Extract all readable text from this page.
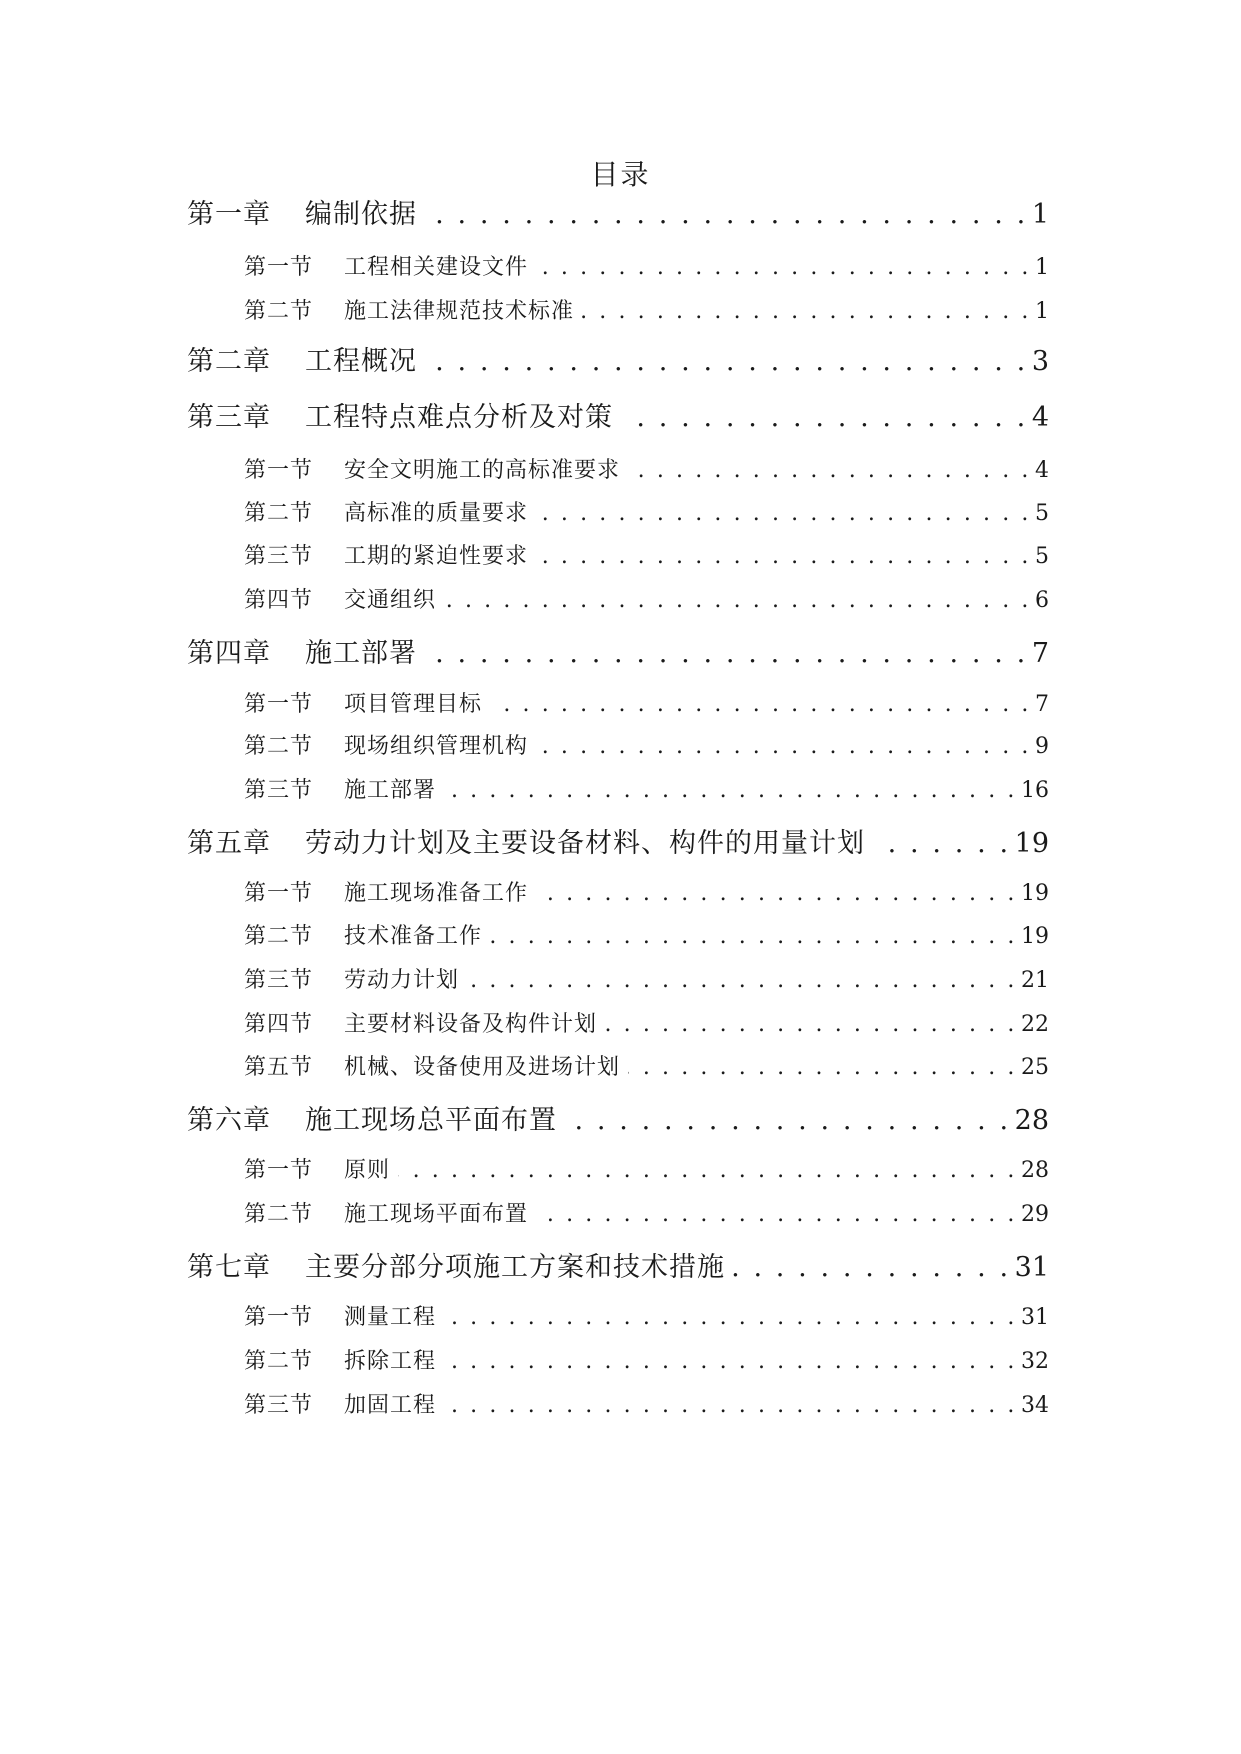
目录
第一章	编制依据 . . .	1
第一节	工程相关建设文件 . . .	1
第二节	施工法律规范技术标准 . . .	1
第二章	工程概况 . . .	3
第三章	工程特点难点分析及对策 . . .	4
第一节	安全文明施工的高标准要求 . . .	4
第二节	高标准的质量要求 . . .	5
第三节	工期的紧迫性要求 . . .	5
第四节	交通组织 . . .	6
第四章	施工部署 . . .	7
第一节	项目管理目标 . . .	7
第二节	现场组织管理机构 . . .	9
第三节	施工部署 . . .	16
第五章	劳动力计划及主要设备材料、构件的用量计划 . . .	19
第一节	施工现场准备工作 . . .	19
第二节	技术准备工作 . . .	19
第三节	劳动力计划 . . .	21
第四节	主要材料设备及构件计划 . . .	22
第五节	机械、设备使用及进场计划 . . .	25
第六章	施工现场总平面布置 . . .	28
第一节	原则 . . .	28
第二节	施工现场平面布置 . . .	29
第七章	主要分部分项施工方案和技术措施 . . .	31
第一节	测量工程 . . .	31
第二节	拆除工程 . . .	32
第三节	加固工程 . . .	34
